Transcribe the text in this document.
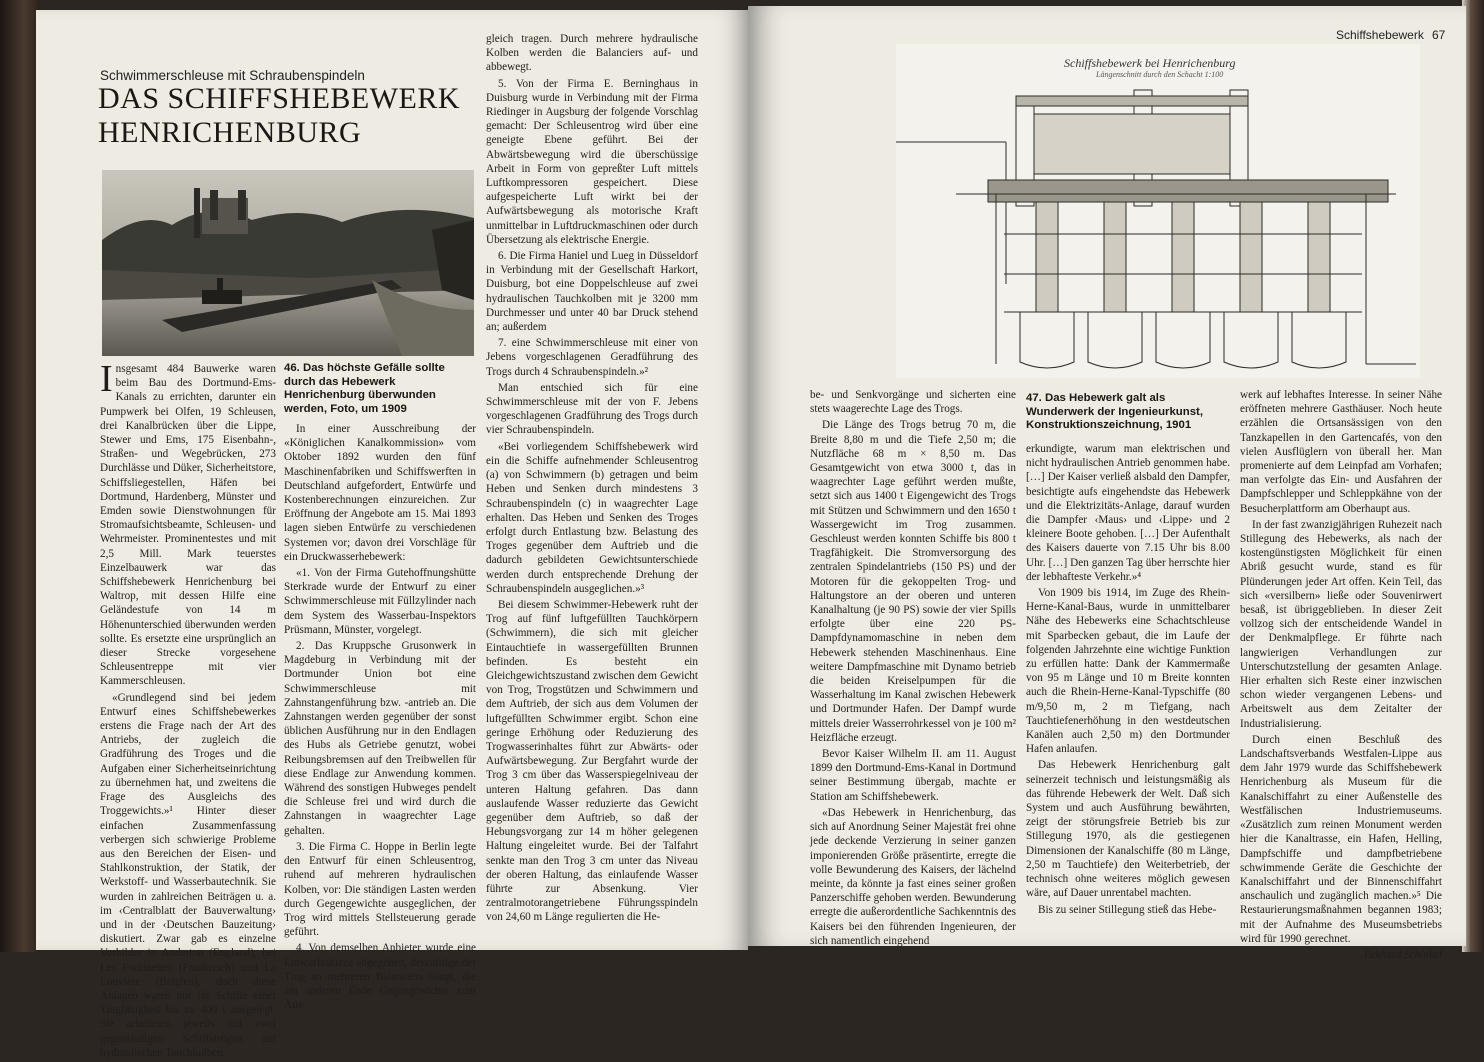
Schwimmerschleuse mit Schraubenspindeln
DAS SCHIFFSHEBEWERK
HENRICHENBURG
46. Das höchste Gefälle sollte durch das Hebewerk Henrichenburg überwunden werden, Foto, um 1909

Insgesamt 484 Bauwerke waren beim Bau des Dortmund-Ems-Kanals zu errichten, darunter ein Pumpwerk bei Olfen, 19 Schleusen, drei Kanalbrücken über die Lippe, Stewer und Ems, 175 Eisenbahn-, Straßen- und Wegebrücken, 273 Durchlässe und Düker, Sicherheitstore, Schiffsliegestellen, Häfen bei Dortmund, Hardenberg, Münster und Emden sowie Dienstwohnungen für Stromaufsichtsbeamte, Schleusen- und Wehrmeister. Prominentestes und mit 2,5 Mill. Mark teuerstes Einzelbauwerk war das Schiffshebewerk Henrichenburg bei Waltrop, mit dessen Hilfe eine Geländestufe von 14 m Höhenunterschied überwunden werden sollte. Es ersetzte eine ursprünglich an dieser Strecke vorgesehene Schleusentreppe mit vier Kammerschleusen.

«Grundlegend sind bei jedem Entwurf eines Schiffshebewerkes erstens die Frage nach der Art des Antriebs, der zugleich die Gradführung des Troges und die Aufgaben einer Sicherheitseinrichtung zu übernehmen hat, und zweitens die Frage des Ausgleichs des Troggewichts.»¹ Hinter dieser einfachen Zusammenfassung verbergen sich schwierige Probleme aus den Bereichen der Eisen- und Stahlkonstruktion, der Statik, der Werkstoff- und Wasserbautechnik. Sie wurden in zahlreichen Beiträgen u. a. im ‹Centralblatt der Bauverwaltung› und in der ‹Deutschen Bauzeitung› diskutiert. Zwar gab es einzelne Vorbilder in Anderton (England), bei Les Fontinettes (Frankreich) und La Louvière (Belgien), doch diese Anlagen waren nur für Schiffe einer Tragfähigkeit bis zu 400 t ausgelegt. Sie arbeiteten jeweils mit zwei gegenläufigen Schiffströgen auf hydraulischen Tauchkolben.

In einer Ausschreibung der «Königlichen Kanalkommission» vom Oktober 1892 wurden den fünf Maschinenfabriken und Schiffswerften in Deutschland aufgefordert, Entwürfe und Kostenberechnungen einzureichen. Zur Eröffnung der Angebote am 15. Mai 1893 lagen sieben Entwürfe zu verschiedenen Systemen vor; davon drei Vorschläge für ein Druckwasserhebewerk:

«1. Von der Firma Gutehoffnungshütte Sterkrade wurde der Entwurf zu einer Schwimmerschleuse mit Füllzylinder nach dem System des Wasserbau-Inspektors Prüsmann, Münster, vorgelegt.

2. Das Kruppsche Grusonwerk in Magdeburg in Verbindung mit der Dortmunder Union bot eine Schwimmerschleuse mit Zahnstangenführung bzw. -antrieb an. Die Zahnstangen werden gegenüber der sonst üblichen Ausführung nur in den Endlagen des Hubs als Getriebe genutzt, wobei Reibungsbremsen auf den Treibwellen für diese Endlage zur Anwendung kommen. Während des sonstigen Hubweges pendelt die Schleuse frei und wird durch die Zahnstangen in waagrechter Lage gehalten.

3. Die Firma C. Hoppe in Berlin legte den Entwurf für einen Schleusentrog, ruhend auf mehreren hydraulischen Kolben, vor: Die ständigen Lasten werden durch Gegengewichte ausgeglichen, der Trog wird mittels Stellsteuerung gerade geführt.

4. Von demselben Anbieter wurde eine Entwurfsskizze abgegeben, derzufolge der Trog an mehreren Balanciers hängt, die am anderen Ende Gegengewichte zum Aus-

gleich tragen. Durch mehrere hydraulische Kolben werden die Balanciers auf- und abbewegt.

5. Von der Firma E. Berninghaus in Duisburg wurde in Verbindung mit der Firma Riedinger in Augsburg der folgende Vorschlag gemacht: Der Schleusentrog wird über eine geneigte Ebene geführt. Bei der Abwärtsbewegung wird die überschüssige Arbeit in Form von gepreßter Luft mittels Luftkompressoren gespeichert. Diese aufgespeicherte Luft wirkt bei der Aufwärtsbewegung als motorische Kraft unmittelbar in Luftdruckmaschinen oder durch Übersetzung als elektrische Energie.

6. Die Firma Haniel und Lueg in Düsseldorf in Verbindung mit der Gesellschaft Harkort, Duisburg, bot eine Doppelschleuse auf zwei hydraulischen Tauchkolben mit je 3200 mm Durchmesser und unter 40 bar Druck stehend an; außerdem

7. eine Schwimmerschleuse mit einer von Jebens vorgeschlagenen Geradführung des Trogs durch 4 Schraubenspindeln.»²

Man entschied sich für eine Schwimmerschleuse mit der von F. Jebens vorgeschlagenen Gradführung des Trogs durch vier Schraubenspindeln.

«Bei vorliegendem Schiffshebewerk wird ein die Schiffe aufnehmender Schleusentrog (a) von Schwimmern (b) getragen und beim Heben und Senken durch mindestens 3 Schraubenspindeln (c) in waagrechter Lage erhalten. Das Heben und Senken des Troges erfolgt durch Entlastung bzw. Belastung des Troges gegenüber dem Auftrieb und die dadurch gebildeten Gewichtsunterschiede werden durch entsprechende Drehung der Schraubenspindeln ausgeglichen.»³

Bei diesem Schwimmer-Hebewerk ruht der Trog auf fünf luftgefüllten Tauchkörpern (Schwimmern), die sich mit gleicher Eintauchtiefe in wassergefüllten Brunnen befinden. Es besteht ein Gleichgewichtszustand zwischen dem Gewicht von Trog, Trogstützen und Schwimmern und dem Auftrieb, der sich aus dem Volumen der luftgefüllten Schwimmer ergibt. Schon eine geringe Erhöhung oder Reduzierung des Trogwasserinhaltes führt zur Abwärts- oder Aufwärtsbewegung. Zur Bergfahrt wurde der Trog 3 cm über das Wasserspiegelniveau der unteren Haltung gefahren. Das dann auslaufende Wasser reduzierte das Gewicht gegenüber dem Auftrieb, so daß der Hebungsvorgang zur 14 m höher gelegenen Haltung eingeleitet wurde. Bei der Talfahrt senkte man den Trog 3 cm unter das Niveau der oberen Haltung, das einlaufende Wasser führte zur Absenkung. Vier zentralmotorangetriebene Führungsspindeln von 24,60 m Länge regulierten die He-

Schiffshebewerk 67
Schiffshebewerk bei Henrichenburg
Längenschnitt durch den Schacht 1:100
47. Das Hebewerk galt als Wunderwerk der Ingenieurkunst, Konstruktionszeichnung, 1901

be- und Senkvorgänge und sicherten eine stets waagerechte Lage des Trogs.

Die Länge des Trogs betrug 70 m, die Breite 8,80 m und die Tiefe 2,50 m; die Nutzfläche 68 m × 8,50 m. Das Gesamtgewicht von etwa 3000 t, das in waagrechter Lage geführt werden mußte, setzt sich aus 1400 t Eigengewicht des Trogs mit Stützen und Schwimmern und den 1650 t Wassergewicht im Trog zusammen. Geschleust werden konnten Schiffe bis 800 t Tragfähigkeit. Die Stromversorgung des zentralen Spindelantriebs (150 PS) und der Motoren für die gekoppelten Trog- und Haltungstore an der oberen und unteren Kanalhaltung (je 90 PS) sowie der vier Spills erfolgte über eine 220 PS-Dampfdynamomaschine in neben dem Hebewerk stehenden Maschinenhaus. Eine weitere Dampfmaschine mit Dynamo betrieb die beiden Kreiselpumpen für die Wasserhaltung im Kanal zwischen Hebewerk und Dortmunder Hafen. Der Dampf wurde mittels dreier Wasserrohrkessel von je 100 m² Heizfläche erzeugt.

Bevor Kaiser Wilhelm II. am 11. August 1899 den Dortmund-Ems-Kanal in Dortmund seiner Bestimmung übergab, machte er Station am Schiffshebewerk.

«Das Hebewerk in Henrichenburg, das sich auf Anordnung Seiner Majestät frei ohne jede deckende Verzierung in seiner ganzen imponierenden Größe präsentirte, erregte die volle Bewunderung des Kaisers, der lächelnd meinte, da könnte ja fast eines seiner großen Panzerschiffe gehoben werden. Bewunderung erregte die außerordentliche Sachkenntnis des Kaisers bei den führenden Ingenieuren, der sich namentlich eingehend

erkundigte, warum man elektrischen und nicht hydraulischen Antrieb genommen habe. […] Der Kaiser verließ alsbald den Dampfer, besichtigte aufs eingehendste das Hebewerk und die Elektrizitäts-Anlage, darauf wurden die Dampfer ‹Maus› und ‹Lippe› und 2 kleinere Boote gehoben. […] Der Aufenthalt des Kaisers dauerte von 7.15 Uhr bis 8.00 Uhr. […] Den ganzen Tag über herrschte hier der lebhafteste Verkehr.»⁴

Von 1909 bis 1914, im Zuge des Rhein-Herne-Kanal-Baus, wurde in unmittelbarer Nähe des Hebewerks eine Schachtschleuse mit Sparbecken gebaut, die im Laufe der folgenden Jahrzehnte eine wichtige Funktion zu erfüllen hatte: Dank der Kammermaße von 95 m Länge und 10 m Breite konnten auch die Rhein-Herne-Kanal-Typschiffe (80 m/9,50 m, 2 m Tiefgang, nach Tauchtiefenerhöhung in den westdeutschen Kanälen auch 2,50 m) den Dortmunder Hafen anlaufen.

Das Hebewerk Henrichenburg galt seinerzeit technisch und leistungsmäßig als das führende Hebewerk der Welt. Daß sich System und auch Ausführung bewährten, zeigt der störungsfreie Betrieb bis zur Stillegung 1970, als die gestiegenen Dimensionen der Kanalschiffe (80 m Länge, 2,50 m Tauchtiefe) den Weiterbetrieb, der technisch ohne weiteres möglich gewesen wäre, auf Dauer unrentabel machten.

Bis zu seiner Stillegung stieß das Hebe-

werk auf lebhaftes Interesse. In seiner Nähe eröffneten mehrere Gasthäuser. Noch heute erzählen die Ortsansässigen von den Tanzkapellen in den Gartencafés, von den vielen Ausflüglern von überall her. Man promenierte auf dem Leinpfad am Vorhafen; man verfolgte das Ein- und Ausfahren der Dampfschlepper und Schleppkähne von der Besucherplattform am Oberhaupt aus.

In der fast zwanzigjährigen Ruhezeit nach Stillegung des Hebewerks, als nach der kostengünstigsten Möglichkeit für einen Abriß gesucht wurde, stand es für Plünderungen jeder Art offen. Kein Teil, das sich «versilbern» ließe oder Souvenirwert besaß, ist übriggeblieben. In dieser Zeit vollzog sich der entscheidende Wandel in der Denkmalpflege. Er führte nach langwierigen Verhandlungen zur Unterschutzstellung der gesamten Anlage. Hier erhalten sich Reste einer inzwischen schon wieder vergangenen Lebens- und Arbeitswelt aus dem Zeitalter der Industrialisierung.

Durch einen Beschluß des Landschaftsverbands Westfalen-Lippe aus dem Jahr 1979 wurde das Schiffshebewerk Henrichenburg als Museum für die Kanalschiffahrt zu einer Außenstelle des Westfälischen Industriemuseums. «Zusätzlich zum reinen Monument werden hier die Kanaltrasse, ein Hafen, Helling, Dampfschiffe und dampfbetriebene schwimmende Geräte die Geschichte der Kanalschiffahrt und der Binnenschiffahrt anschaulich und zugänglich machen.»⁵ Die Restaurierungsmaßnahmen begannen 1983; mit der Aufnahme des Museumsbetriebs wird für 1990 gerechnet.

Eckhard Schinkel
